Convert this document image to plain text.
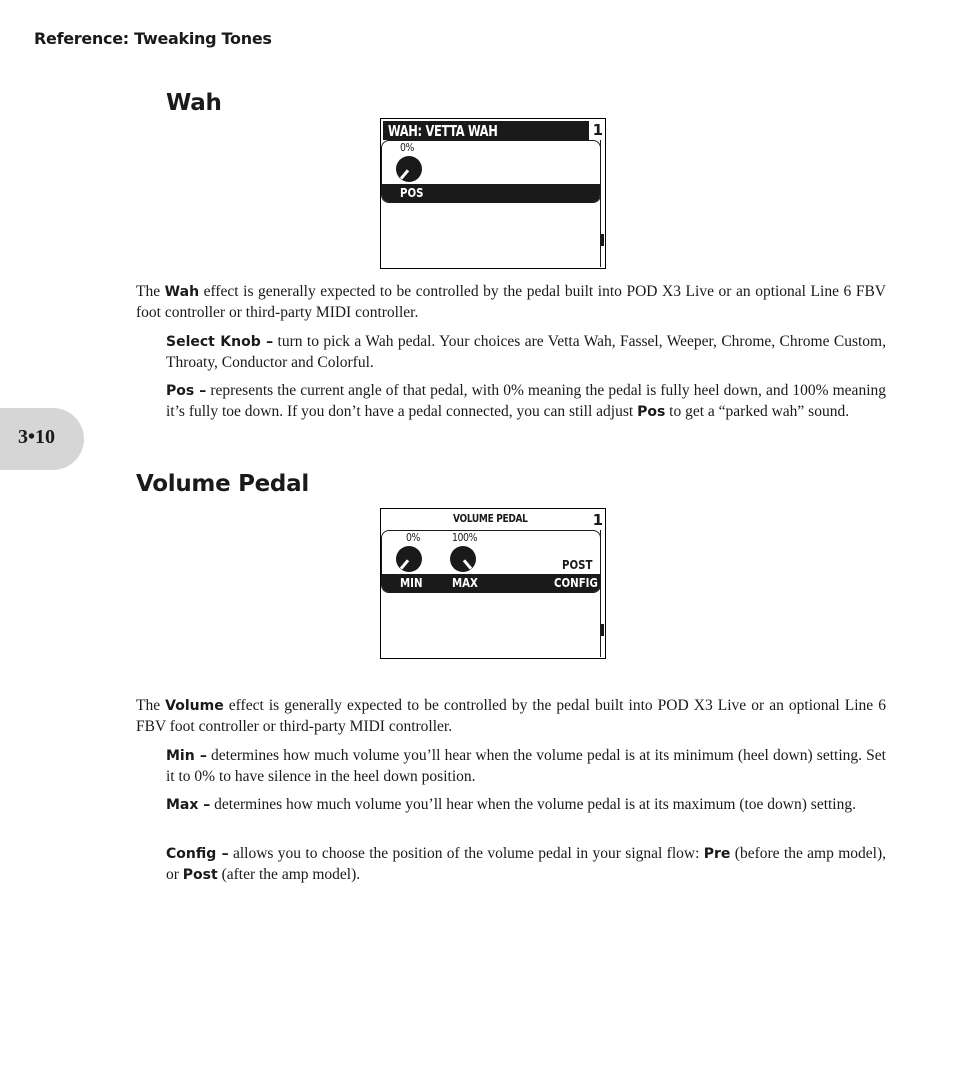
Reference: Tweaking Tones
3•10
Wah
WAH: VETTA WAH	1
0%
POS

The Wah effect is generally expected to be controlled by the pedal built into POD X3 Live or an optional Line 6 FBV foot controller or third-party MIDI controller.

Select Knob – turn to pick a Wah pedal. Your choices are Vetta Wah, Fassel, Weeper, Chrome, Chrome Custom, Throaty, Conductor and Colorful.

Pos – represents the current angle of that pedal, with 0% meaning the pedal is fully heel down, and 100% meaning it’s fully toe down. If you don’t have a pedal connected, you can still adjust Pos to get a “parked wah” sound.

Volume Pedal
VOLUME PEDAL	1
0%	100%
POST
MIN MAX	CONFIG

The Volume effect is generally expected to be controlled by the pedal built into POD X3 Live or an optional Line 6 FBV foot controller or third-party MIDI controller.

Min – determines how much volume you’ll hear when the volume pedal is at its minimum (heel down) setting. Set it to 0% to have silence in the heel down position.

Max – determines how much volume you’ll hear when the volume pedal is at its maximum (toe down) setting.

Config – allows you to choose the position of the volume pedal in your signal flow: Pre (before the amp model), or Post (after the amp model).
